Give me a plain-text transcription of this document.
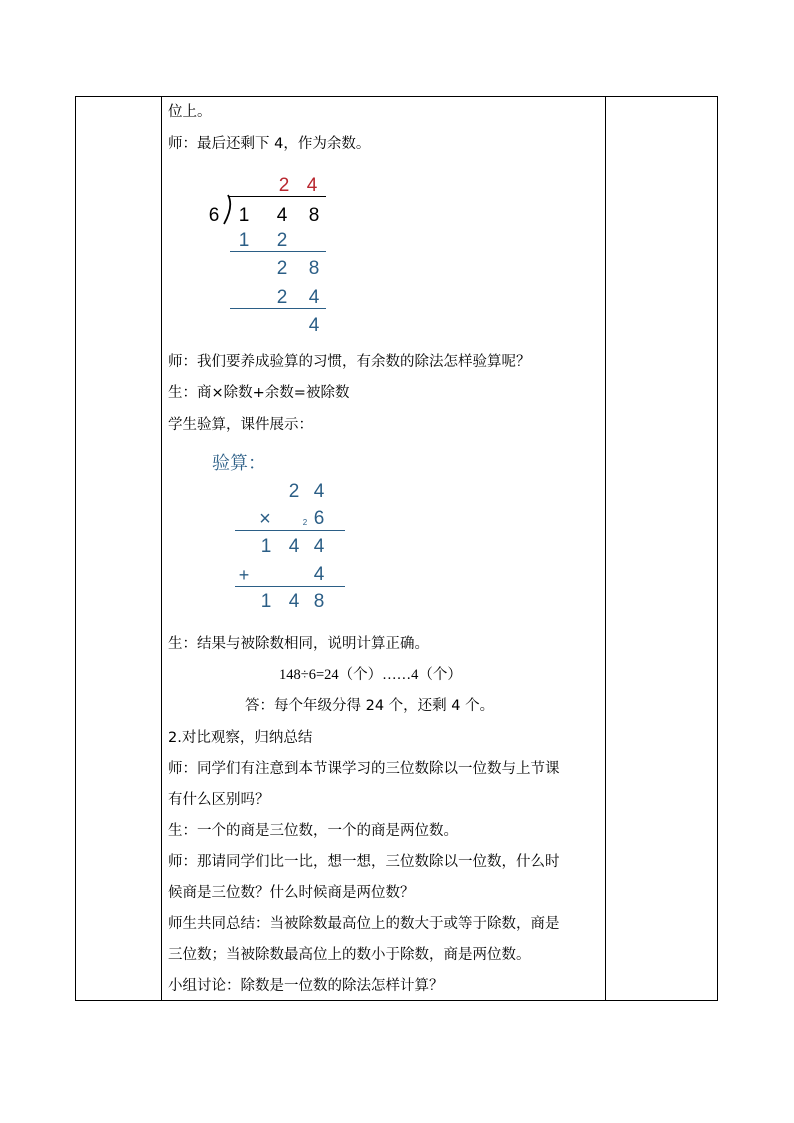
位上。
师：最后还剩下 4，作为余数。
2 4
6 1 4 8
1 2
2 8
2 4
4
师：我们要养成验算的习惯，有余数的除法怎样验算呢？
生：商×除数+余数=被除数
学生验算，课件展示：
验算：
2 4
×	2 6
1 4 4
+	4
1 4 8
生：结果与被除数相同，说明计算正确。
148÷6=24（个）……4（个）
答：每个年级分得 24 个，还剩 4 个。
2.对比观察，归纳总结
师：同学们有注意到本节课学习的三位数除以一位数与上节课
有什么区别吗？
生：一个的商是三位数，一个的商是两位数。
师：那请同学们比一比，想一想，三位数除以一位数，什么时
候商是三位数？什么时候商是两位数？
师生共同总结：当被除数最高位上的数大于或等于除数，商是
三位数；当被除数最高位上的数小于除数，商是两位数。
小组讨论：除数是一位数的除法怎样计算？
